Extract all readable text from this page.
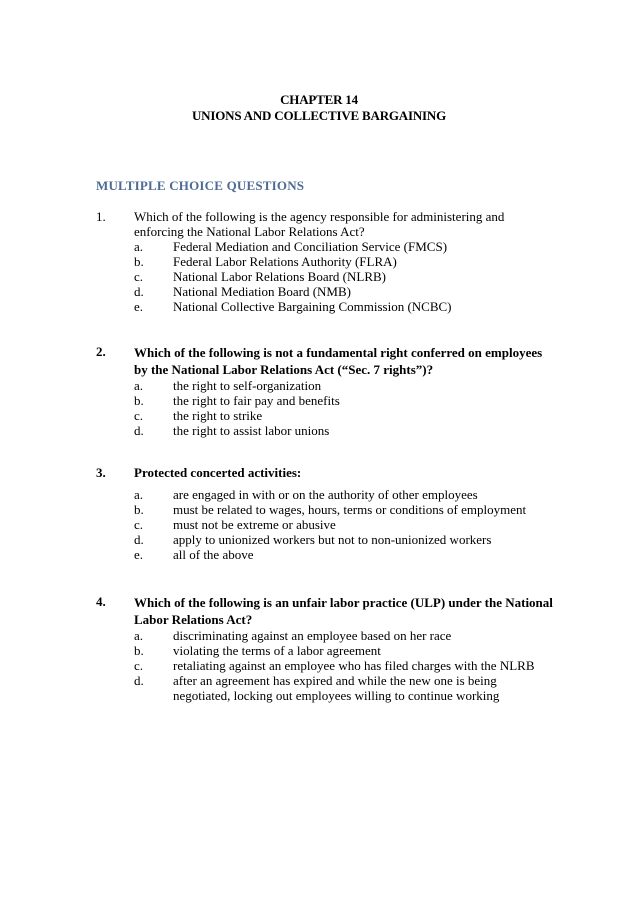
CHAPTER 14
UNIONS AND COLLECTIVE BARGAINING
MULTIPLE CHOICE QUESTIONS
1. Which of the following is the agency responsible for administering and enforcing the National Labor Relations Act?
a. Federal Mediation and Conciliation Service (FMCS)
b. Federal Labor Relations Authority (FLRA)
c. National Labor Relations Board (NLRB)
d. National Mediation Board (NMB)
e. National Collective Bargaining Commission (NCBC)
2. Which of the following is not a fundamental right conferred on employees by the National Labor Relations Act (“Sec. 7 rights”)?
a. the right to self-organization
b. the right to fair pay and benefits
c. the right to strike
d. the right to assist labor unions
3. Protected concerted activities:
a. are engaged in with or on the authority of other employees
b. must be related to wages, hours, terms or conditions of employment
c. must not be extreme or abusive
d. apply to unionized workers but not to non-unionized workers
e. all of the above
4. Which of the following is an unfair labor practice (ULP) under the National Labor Relations Act?
a. discriminating against an employee based on her race
b. violating the terms of a labor agreement
c. retaliating against an employee who has filed charges with the NLRB
d. after an agreement has expired and while the new one is being negotiated, locking out employees willing to continue working
